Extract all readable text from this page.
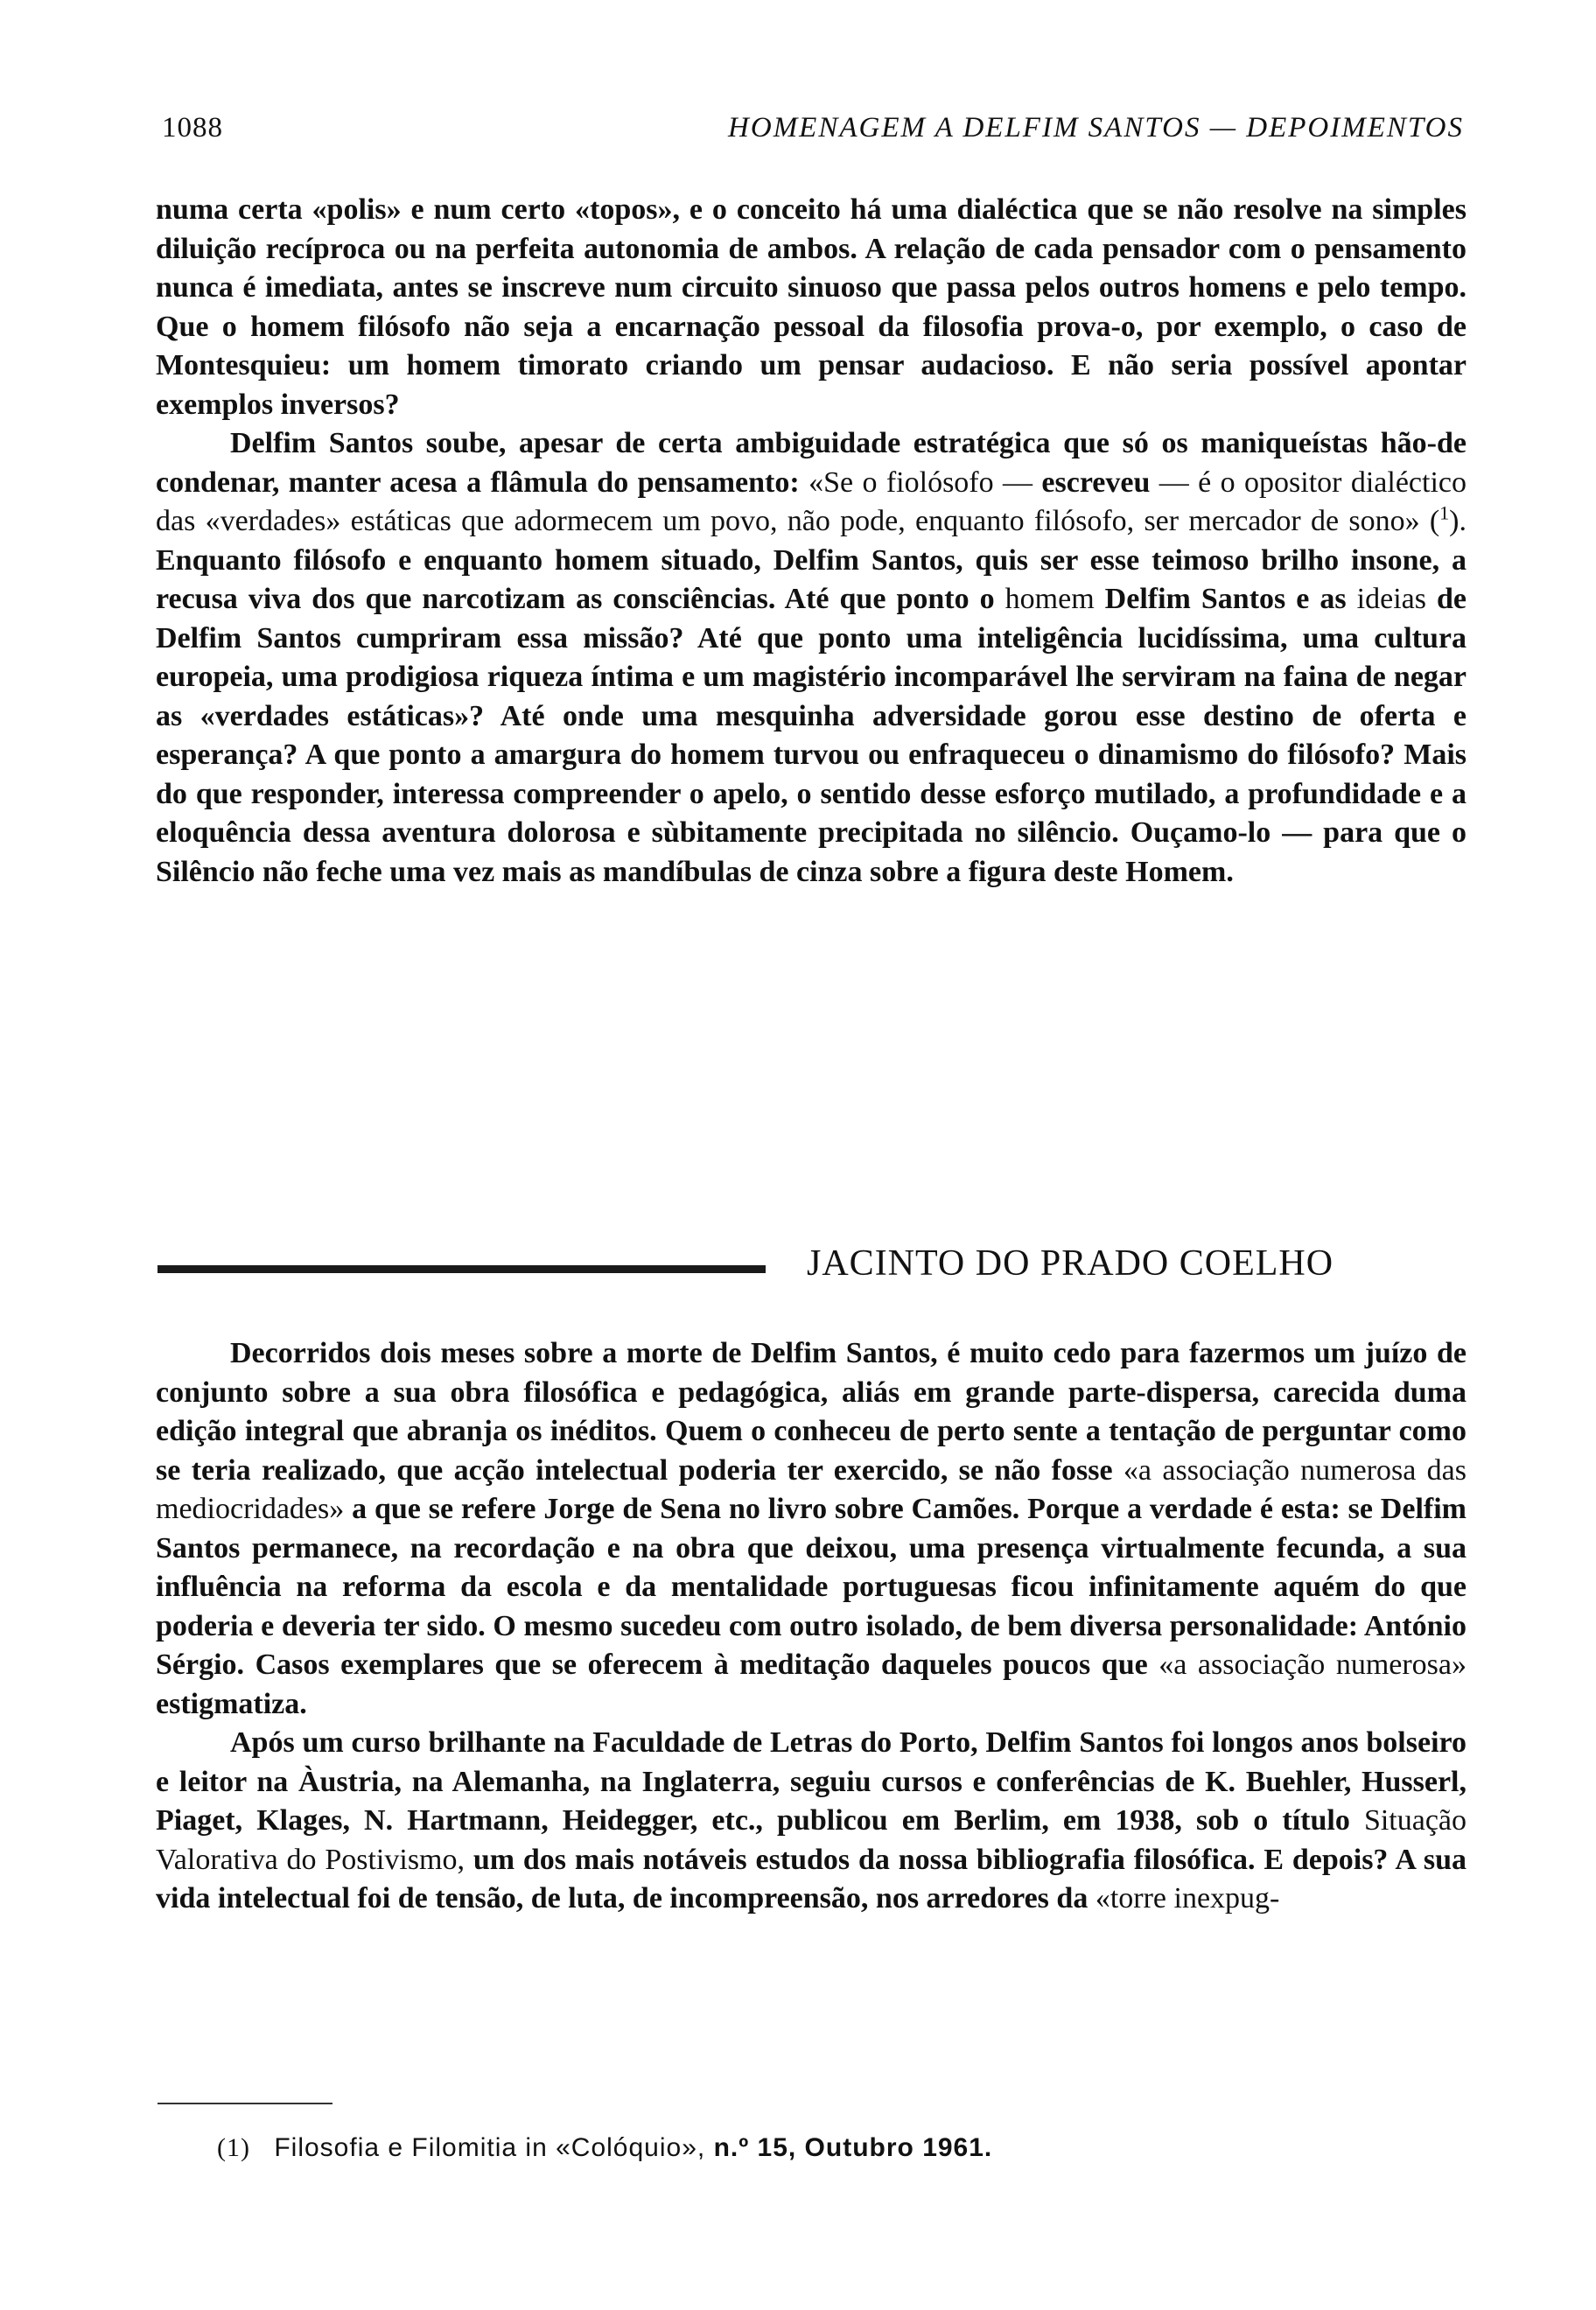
1088	HOMENAGEM A DELFIM SANTOS — DEPOIMENTOS

numa certa «polis» e num certo «topos», e o conceito há uma dialéctica que se não resolve na simples diluição recíproca ou na perfeita autonomia de ambos. A relação de cada pensador com o pensamento nunca é imediata, antes se inscreve num circuito sinuoso que passa pelos outros homens e pelo tempo. Que o homem filósofo não seja a encarnação pessoal da filosofia prova-o, por exemplo, o caso de Montesquieu: um homem timorato criando um pensar audacioso. E não seria possível apontar exemplos inversos?

Delfim Santos soube, apesar de certa ambiguidade estratégica que só os maniqueístas hão-de condenar, manter acesa a flâmula do pensamento: «Se o fiolósofo — escreveu — é o opositor dialéctico das «verdades» estáticas que adormecem um povo, não pode, enquanto filósofo, ser mercador de sono» ($^1$). Enquanto filósofo e enquanto homem situado, Delfim Santos, quis ser esse teimoso brilho insone, a recusa viva dos que narcotizam as consciências. Até que ponto o homem Delfim Santos e as ideias de Delfim Santos cumpriram essa missão? Até que ponto uma inteligência lucidíssima, uma cultura europeia, uma prodigiosa riqueza íntima e um magistério incomparável lhe serviram na faina de negar as «verdades estáticas»? Até onde uma mesquinha adversidade gorou esse destino de oferta e esperança? A que ponto a amargura do homem turvou ou enfraqueceu o dinamismo do filósofo? Mais do que responder, interessa compreender o apelo, o sentido desse esforço mutilado, a profundidade e a eloquência dessa aventura dolorosa e sùbitamente precipitada no silêncio. Ouçamo-lo — para que o Silêncio não feche uma vez mais as mandíbulas de cinza sobre a figura deste Homem.

JACINTO DO PRADO COELHO

Decorridos dois meses sobre a morte de Delfim Santos, é muito cedo para fazermos um juízo de conjunto sobre a sua obra filosófica e pedagógica, aliás em grande parte-dispersa, carecida duma edição integral que abranja os inéditos. Quem o conheceu de perto sente a tentação de perguntar como se teria realizado, que acção intelectual poderia ter exercido, se não fosse «a associação numerosa das mediocridades» a que se refere Jorge de Sena no livro sobre Camões. Porque a verdade é esta: se Delfim Santos permanece, na recordação e na obra que deixou, uma presença virtualmente fecunda, a sua influência na reforma da escola e da mentalidade portuguesas ficou infinitamente aquém do que poderia e deveria ter sido. O mesmo sucedeu com outro isolado, de bem diversa personalidade: António Sérgio. Casos exemplares que se oferecem à meditação daqueles poucos que «a associação numerosa» estigmatiza.

Após um curso brilhante na Faculdade de Letras do Porto, Delfim Santos foi longos anos bolseiro e leitor na Àustria, na Alemanha, na Inglaterra, seguiu cursos e conferências de K. Buehler, Husserl, Piaget, Klages, N. Hartmann, Heidegger, etc., publicou em Berlim, em 1938, sob o título Situação Valorativa do Postivismo, um dos mais notáveis estudos da nossa bibliografia filosófica. E depois? A sua vida intelectual foi de tensão, de luta, de incompreensão, nos arredores da «torre inexpug-

(1) Filosofia e Filomitia in «Colóquio», n.º 15, Outubro 1961.
